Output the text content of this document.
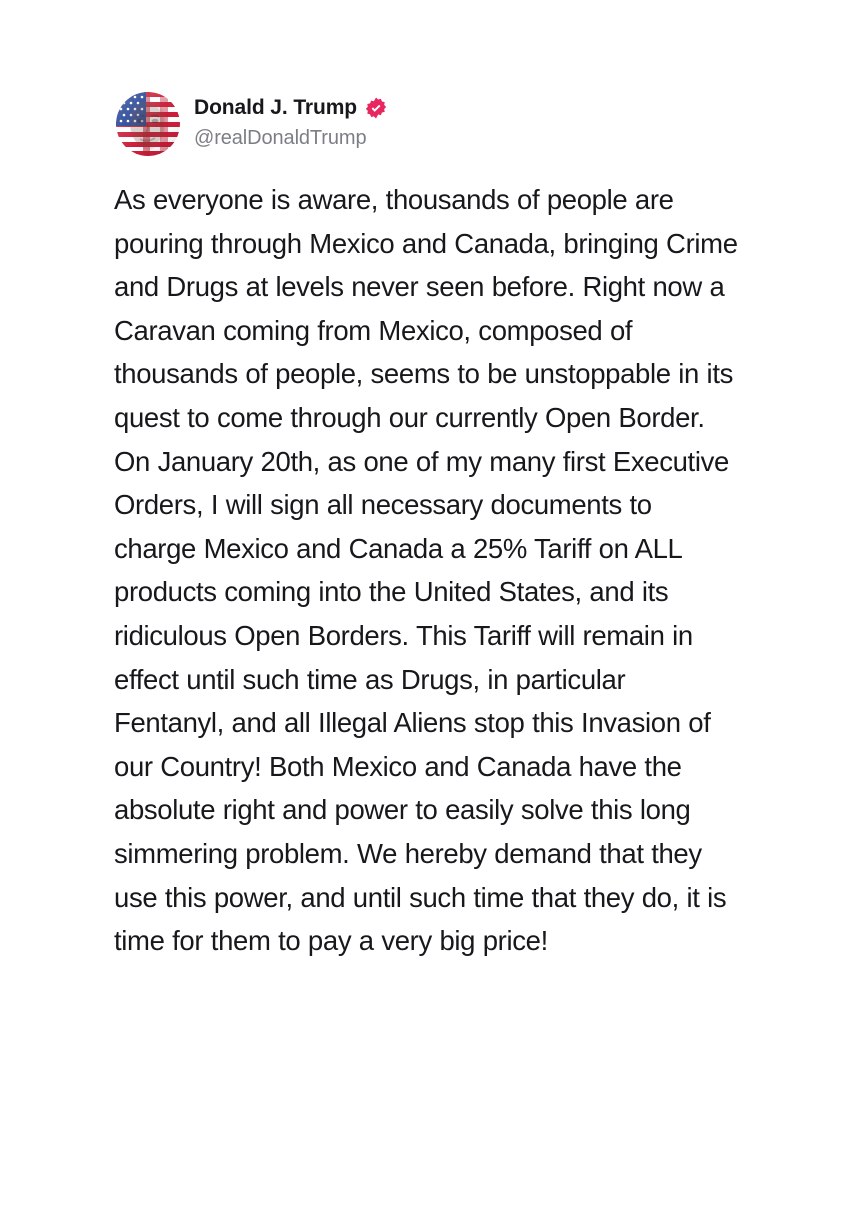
Donald J. Trump
@realDonaldTrump
As everyone is aware, thousands of people are pouring through Mexico and Canada, bringing Crime and Drugs at levels never seen before. Right now a Caravan coming from Mexico, composed of thousands of people, seems to be unstoppable in its quest to come through our currently Open Border. On January 20th, as one of my many first Executive Orders, I will sign all necessary documents to charge Mexico and Canada a 25% Tariff on ALL products coming into the United States, and its ridiculous Open Borders. This Tariff will remain in effect until such time as Drugs, in particular Fentanyl, and all Illegal Aliens stop this Invasion of our Country! Both Mexico and Canada have the absolute right and power to easily solve this long simmering problem. We hereby demand that they use this power, and until such time that they do, it is time for them to pay a very big price!
